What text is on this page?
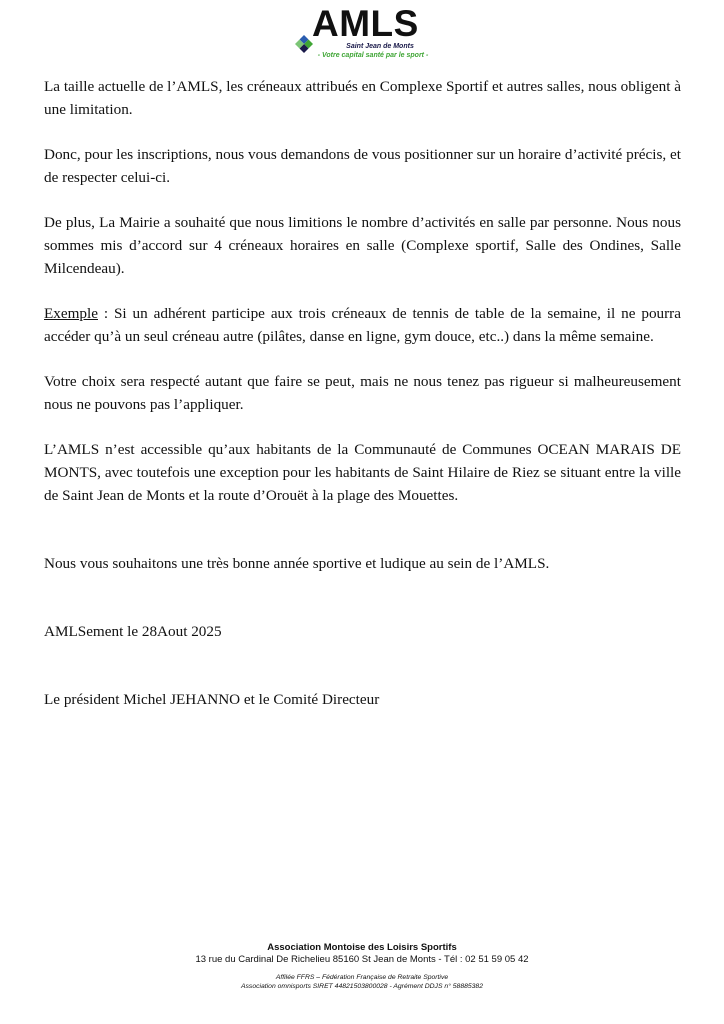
AMLS
Saint Jean de Monts
- Votre capital santé par le sport -

La taille actuelle de l’AMLS, les créneaux attribués en Complexe Sportif et autres salles, nous obligent à une limitation.

Donc, pour les inscriptions, nous vous demandons de vous positionner sur un horaire d’activité précis, et de respecter celui-ci.

De plus, La Mairie a souhaité que nous limitions le nombre d’activités en salle par personne. Nous nous sommes mis d’accord sur 4 créneaux horaires en salle (Complexe sportif, Salle des Ondines, Salle Milcendeau).

Exemple : Si un adhérent participe aux trois créneaux de tennis de table de la semaine, il ne pourra accéder qu’à un seul créneau autre (pilâtes, danse en ligne, gym douce, etc..) dans la même semaine.

Votre choix sera respecté autant que faire se peut, mais ne nous tenez pas rigueur si malheureusement nous ne pouvons pas l’appliquer.

L’AMLS n’est accessible qu’aux habitants de la Communauté de Communes OCEAN MARAIS DE MONTS, avec toutefois une exception pour les habitants de Saint Hilaire de Riez se situant entre la ville de Saint Jean de Monts et la route d’Orouët à la plage des Mouettes.

Nous vous souhaitons une très bonne année sportive et ludique au sein de l’AMLS.

AMLSement le 28Aout 2025

Le président Michel JEHANNO et le Comité Directeur

Association Montoise des Loisirs Sportifs
13 rue du Cardinal De Richelieu 85160 St Jean de Monts - Tél : 02 51 59 05 42
Affilée FFRS – Fédération Française de Retraite Sportive
Association omnisports SIRET 44821503800028 - Agrément DDJS n° 58885382
